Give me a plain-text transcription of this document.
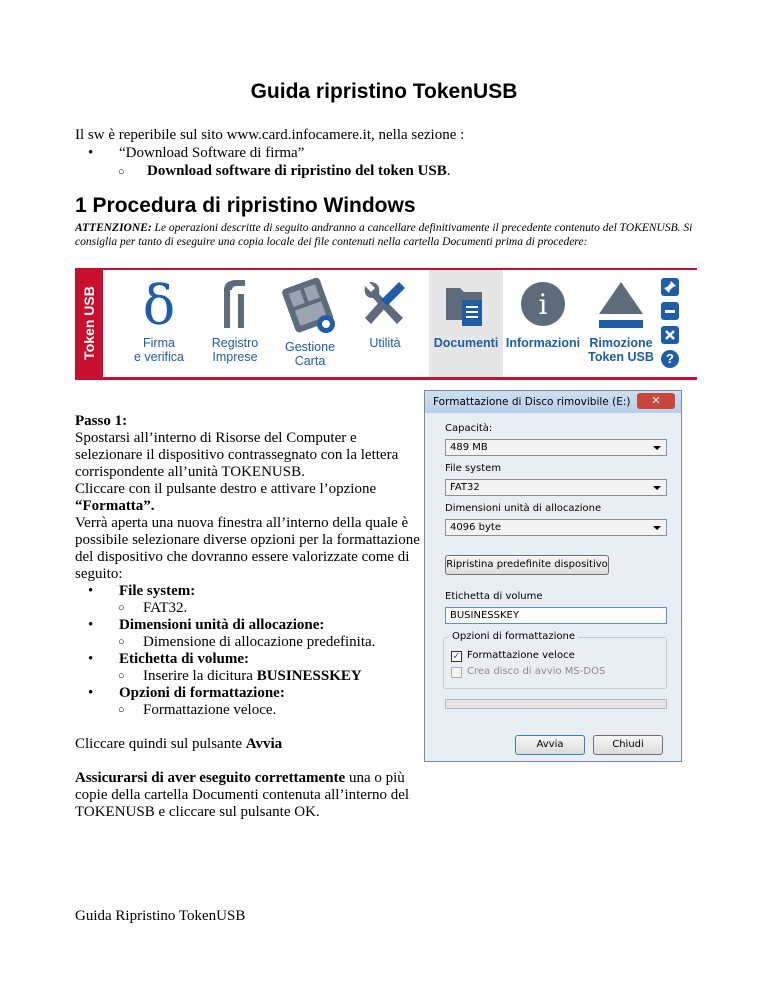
Guida ripristino TokenUSB
Il sw è reperibile sul sito www.card.infocamere.it, nella sezione :
• “Download Software di firma”
○ Download software di ripristino del token USB.
1 Procedura di ripristino Windows
ATTENZIONE: Le operazioni descritte di seguito andranno a cancellare definitivamente il precedente contenuto del TOKENUSB. Si consiglia per tanto di eseguire una copia locale dei file contenuti nella cartella Documenti prima di procedere:
Token USB δ
Firma
e verifica
Registro
Imprese
Gestione
Carta
Utilità	Documenti
i
Informazioni Rimozione
Token USB ?
Passo 1:
Spostarsi all’interno di Risorse del Computer e selezionare il dispositivo contrassegnato con la lettera corrispondente all’unità TOKENUSB.
Cliccare con il pulsante destro e attivare l’opzione “Formatta”.
Verrà aperta una nuova finestra all’interno della quale è possibile selezionare diverse opzioni per la formattazione del dispositivo che dovranno essere valorizzate come di seguito:
• File system:
○ FAT32.
• Dimensioni unità di allocazione:
○ Dimensione di allocazione predefinita.
• Etichetta di volume:
○ Inserire la dicitura BUSINESSKEY
• Opzioni di formattazione:
○ Formattazione veloce.
Cliccare quindi sul pulsante Avvia
Assicurarsi di aver eseguito correttamente una o più copie della cartella Documenti contenuta all’interno del TOKENUSB e cliccare sul pulsante OK.
Formattazione di Disco rimovibile (E:)	✕
Capacità:
489 MB
File system
FAT32
Dimensioni unità di allocazione
4096 byte
Ripristina predefinite dispositivo
Etichetta di volume
BUSINESSKEY
Opzioni di formattazione
✓ Formattazione veloce
Crea disco di avvio MS-DOS
Avvia	Chiudi
Guida Ripristino TokenUSB
